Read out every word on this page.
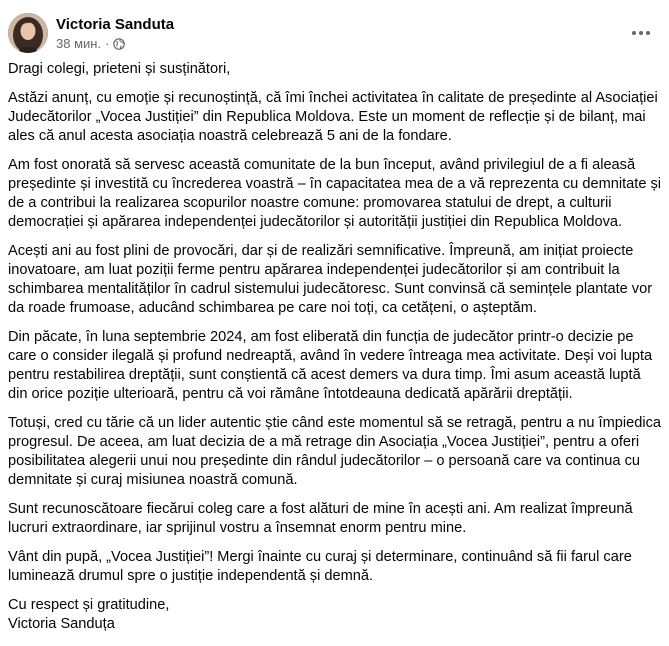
Victoria Sanduta
38 мин. ·

Dragi colegi, prieteni și susținători,

Astăzi anunț, cu emoție și recunoștință, că îmi închei activitatea în calitate de președinte al Asociației Judecătorilor „Vocea Justiției” din Republica Moldova. Este un moment de reflecție și de bilanț, mai ales că anul acesta asociația noastră celebrează 5 ani de la fondare.

Am fost onorată să servesc această comunitate de la bun început, având privilegiul de a fi aleasă președinte și investită cu încrederea voastră – în capacitatea mea de a vă reprezenta cu demnitate și de a contribui la realizarea scopurilor noastre comune: promovarea statului de drept, a culturii democrației și apărarea independenței judecătorilor și autorității justiției din Republica Moldova.

Acești ani au fost plini de provocări, dar și de realizări semnificative. Împreună, am inițiat proiecte inovatoare, am luat poziții ferme pentru apărarea independenței judecătorilor și am contribuit la schimbarea mentalităților în cadrul sistemului judecătoresc. Sunt convinsă că semințele plantate vor da roade frumoase, aducând schimbarea pe care noi toți, ca cetățeni, o așteptăm.

Din păcate, în luna septembrie 2024, am fost eliberată din funcția de judecător printr-o decizie pe care o consider ilegală și profund nedreaptă, având în vedere întreaga mea activitate. Deși voi lupta pentru restabilirea dreptății, sunt conștientă că acest demers va dura timp. Îmi asum această luptă din orice poziție ulterioară, pentru că voi rămâne întotdeauna dedicată apărării dreptății.

Totuși, cred cu tărie că un lider autentic știe când este momentul să se retragă, pentru a nu împiedica progresul. De aceea, am luat decizia de a mă retrage din Asociația „Vocea Justiției”, pentru a oferi posibilitatea alegerii unui nou președinte din rândul judecătorilor – o persoană care va continua cu demnitate și curaj misiunea noastră comună.

Sunt recunoscătoare fiecărui coleg care a fost alături de mine în acești ani. Am realizat împreună lucruri extraordinare, iar sprijinul vostru a însemnat enorm pentru mine.

Vânt din pupă, „Vocea Justiției”! Mergi înainte cu curaj și determinare, continuând să fii farul care luminează drumul spre o justiție independentă și demnă.

Cu respect și gratitudine,

Victoria Sanduța
